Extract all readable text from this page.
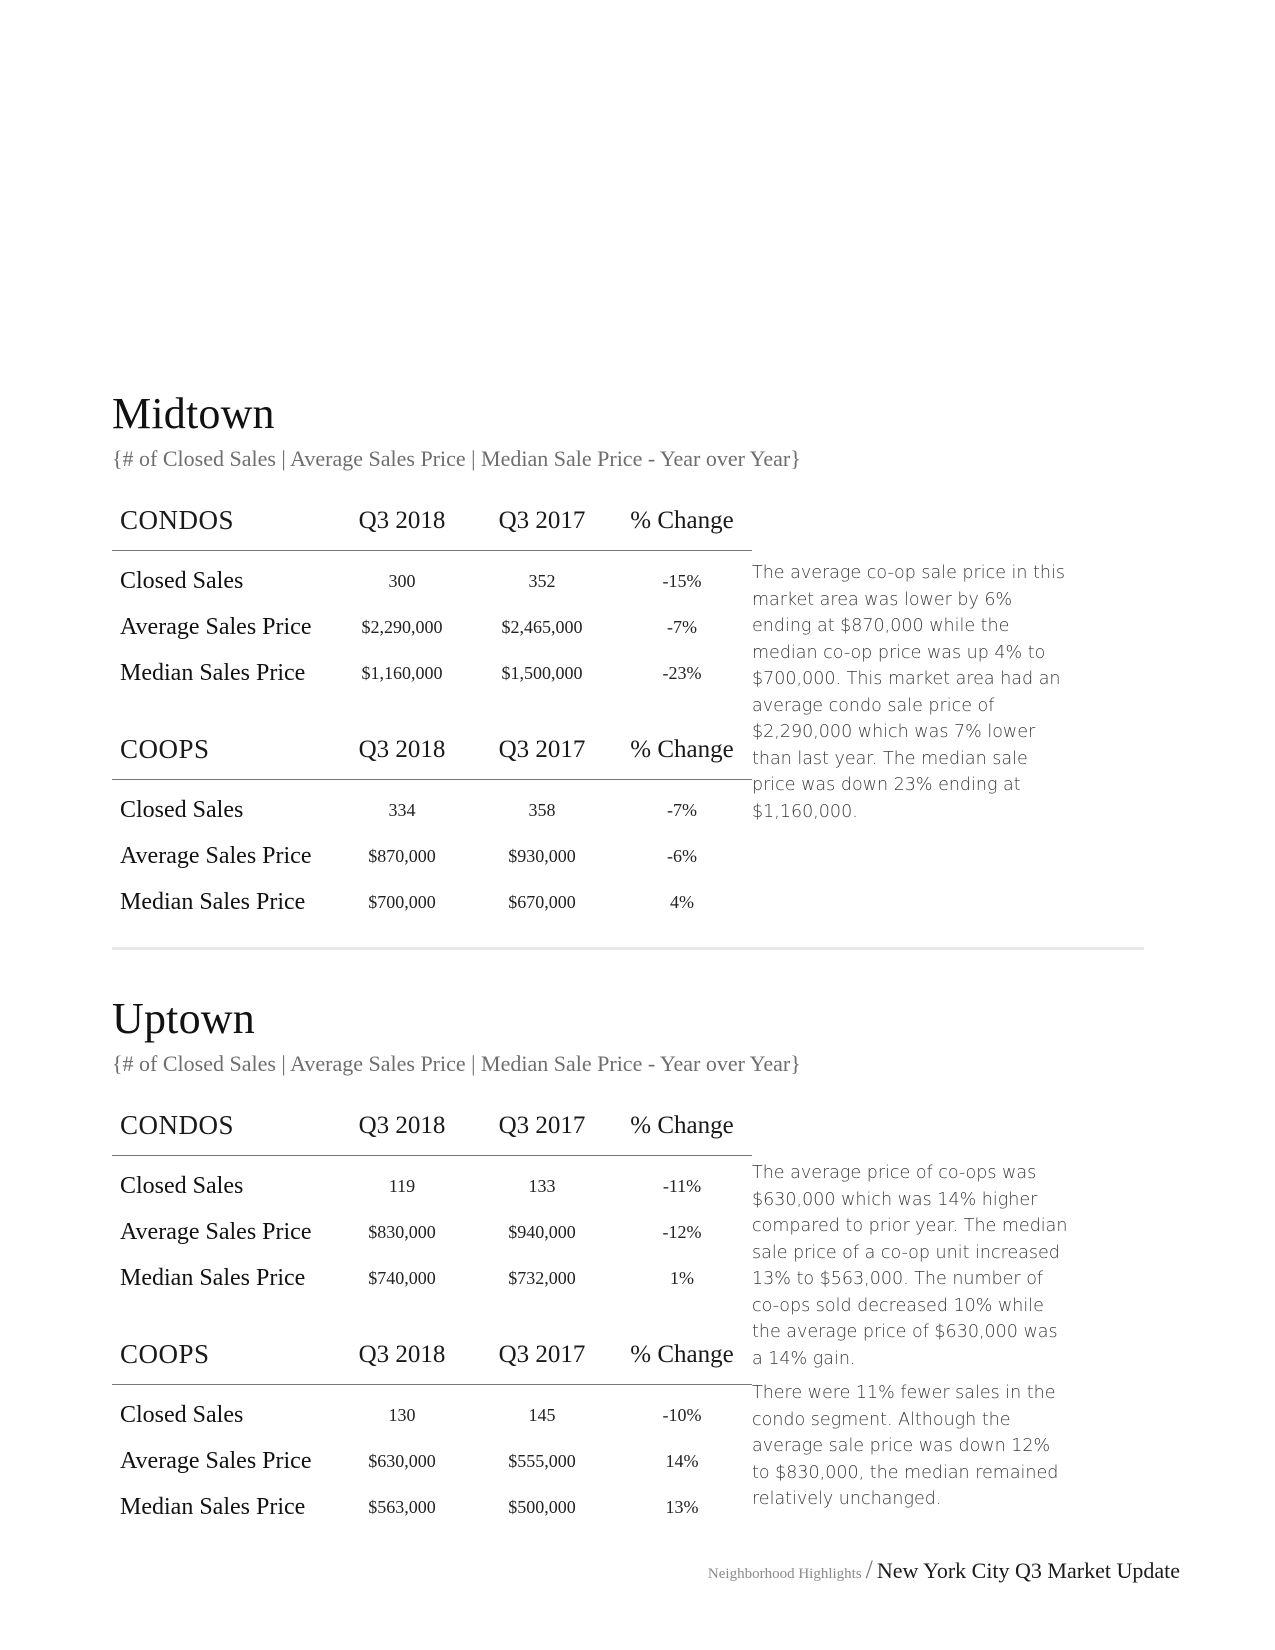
Midtown
{# of Closed Sales | Average Sales Price | Median Sale Price - Year over Year}
CONDOS	Q3 2018	Q3 2017	% Change
Closed Sales	300	352	-15%
Average Sales Price	$2,290,000	$2,465,000	-7%
Median Sales Price	$1,160,000	$1,500,000	-23%
COOPS	Q3 2018	Q3 2017	% Change
Closed Sales	334	358	-7%
Average Sales Price	$870,000	$930,000	-6%
Median Sales Price	$700,000	$670,000	4%

The average co-op sale price in this market area was lower by 6% ending at $870,000 while the median co-op price was up 4% to $700,000. This market area had an average condo sale price of $2,290,000 which was 7% lower than last year. The median sale price was down 23% ending at $1,160,000.

Uptown
{# of Closed Sales | Average Sales Price | Median Sale Price - Year over Year}
CONDOS	Q3 2018	Q3 2017	% Change
Closed Sales	119	133	-11%
Average Sales Price	$830,000	$940,000	-12%
Median Sales Price	$740,000	$732,000	1%
COOPS	Q3 2018	Q3 2017	% Change
Closed Sales	130	145	-10%
Average Sales Price	$630,000	$555,000	14%
Median Sales Price	$563,000	$500,000	13%

The average price of co-ops was $630,000 which was 14% higher compared to prior year. The median sale price of a co-op unit increased 13% to $563,000. The number of co-ops sold decreased 10% while the average price of $630,000 was a 14% gain.

There were 11% fewer sales in the condo segment. Although the average sale price was down 12% to $830,000, the median remained relatively unchanged.

Neighborhood Highlights / New York City Q3 Market Update
